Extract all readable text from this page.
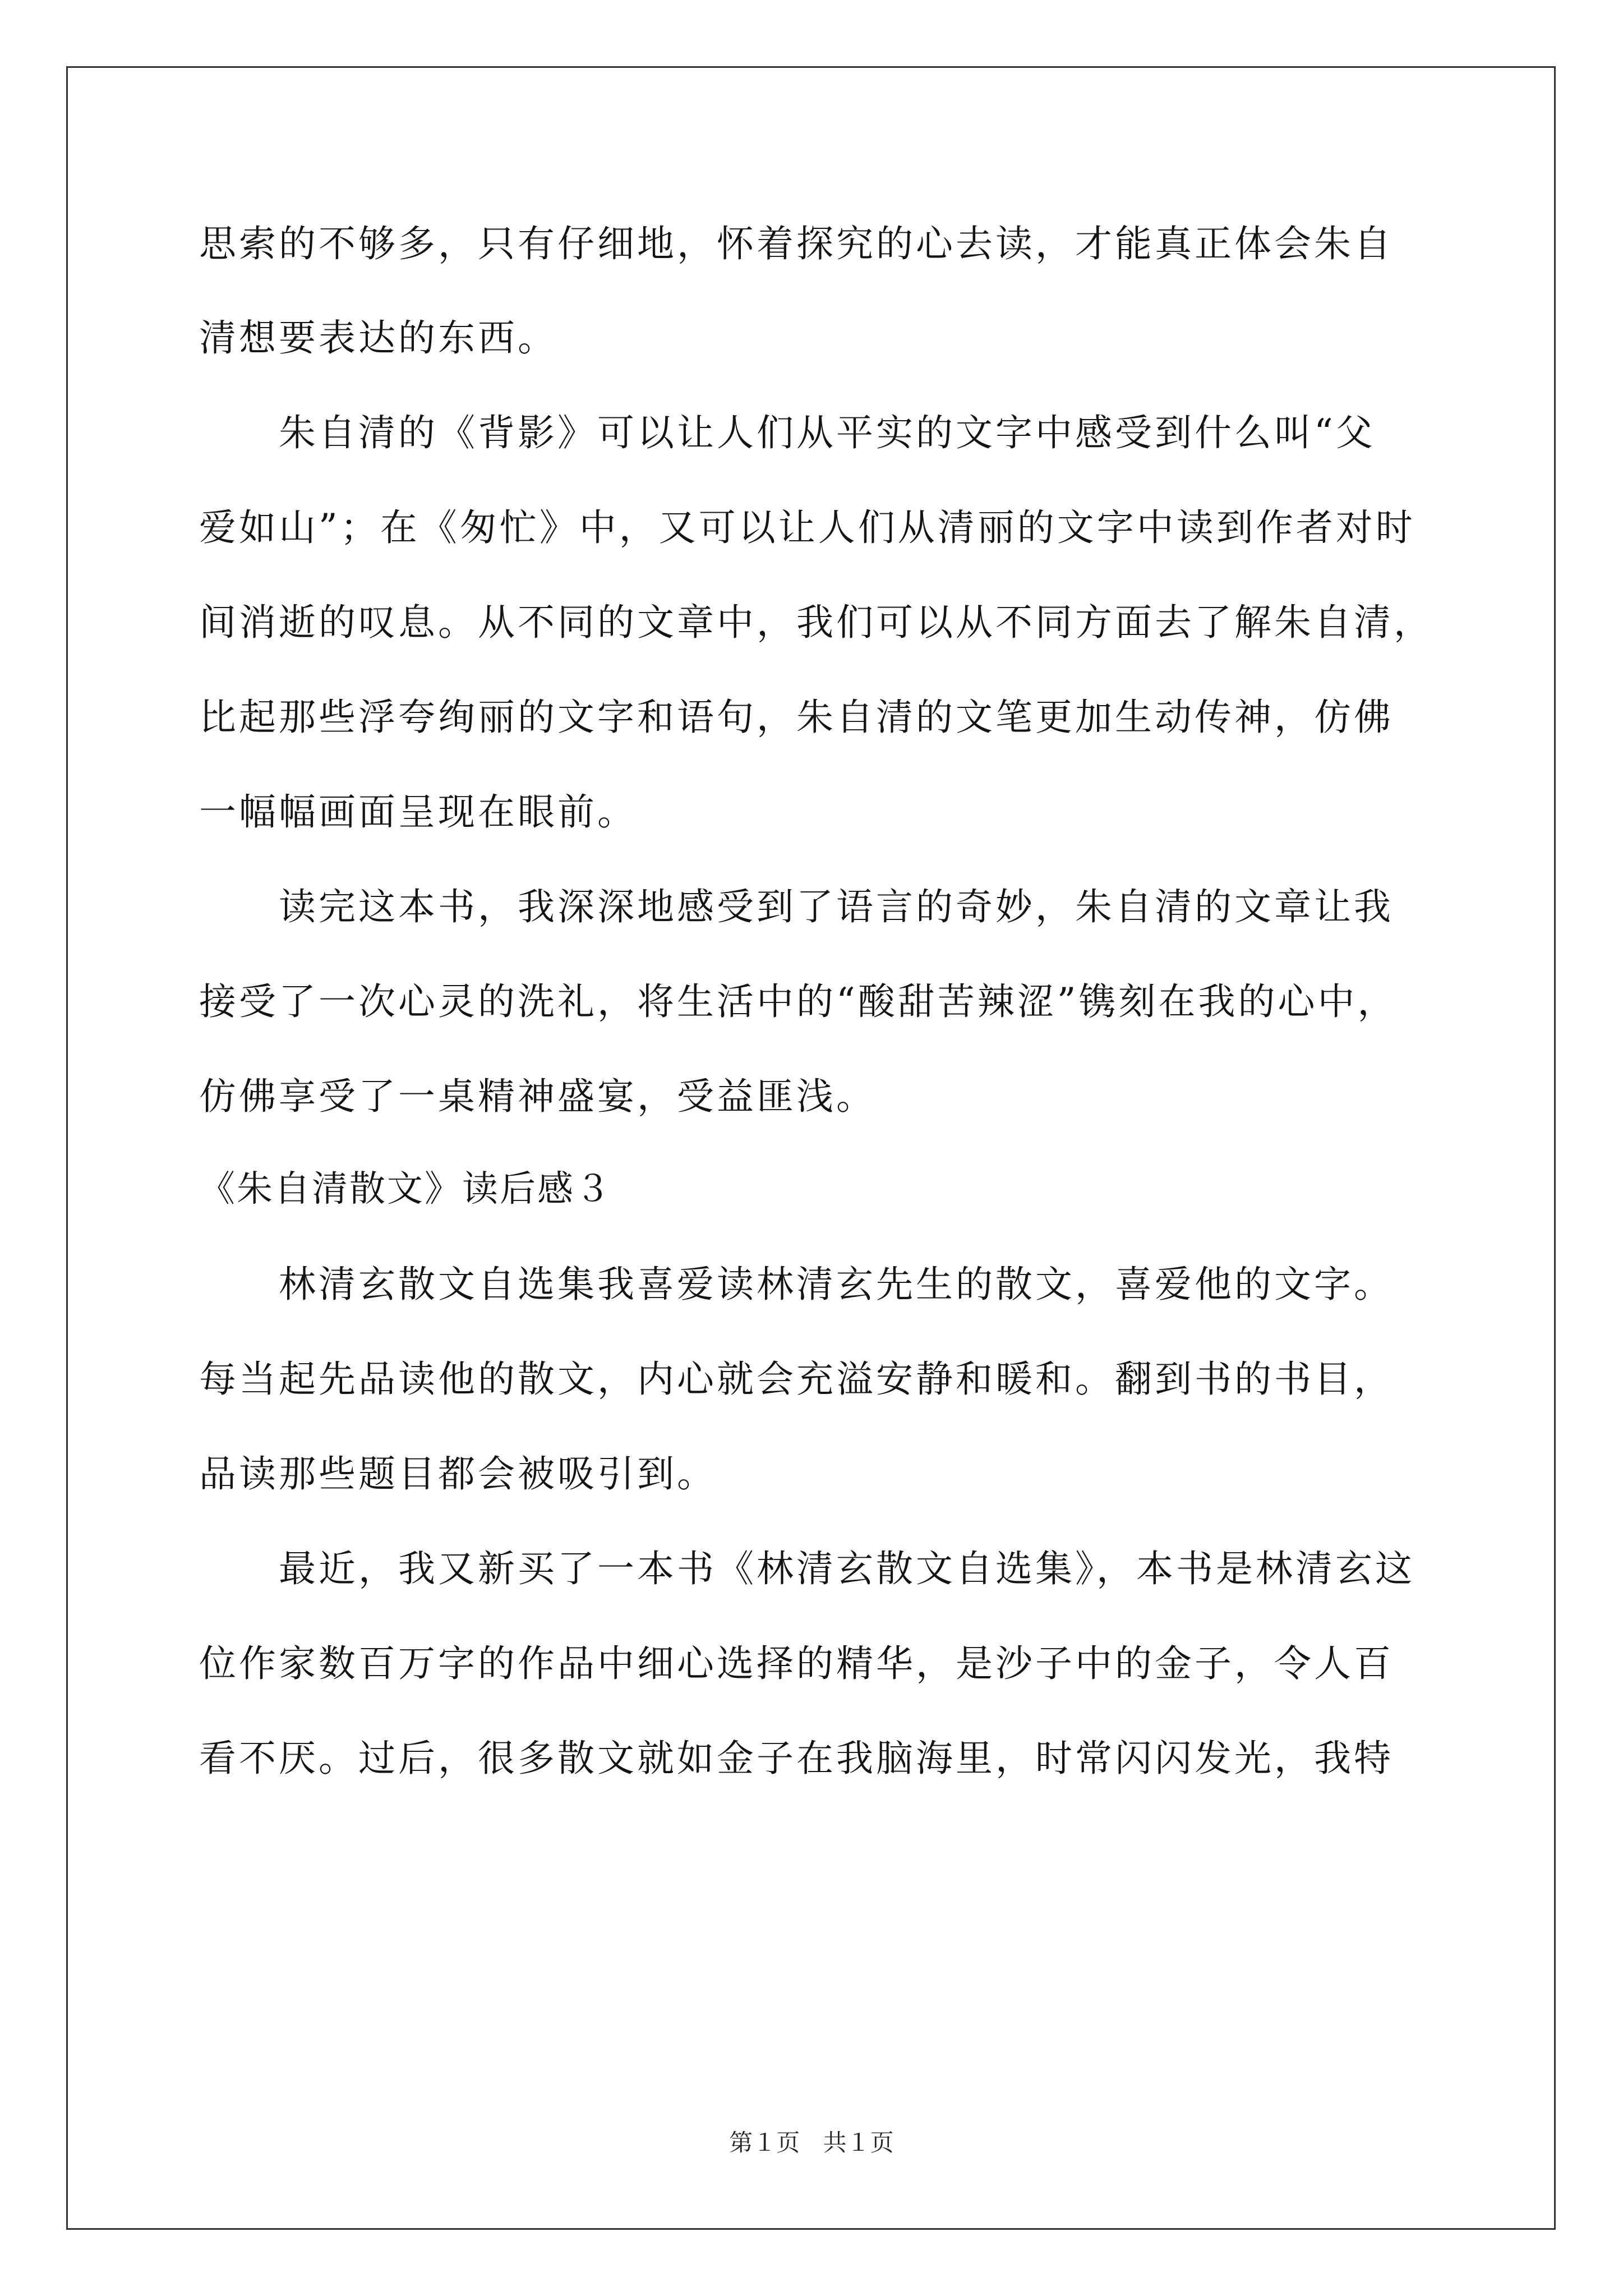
思索的不够多，只有仔细地，怀着探究的心去读，才能真正体会朱自
清想要表达的东西。
朱自清的《背影》可以让人们从平实的文字中感受到什么叫“父
爱如山”；在《匆忙》中，又可以让人们从清丽的文字中读到作者对时
间消逝的叹息。从不同的文章中，我们可以从不同方面去了解朱自清，
比起那些浮夸绚丽的文字和语句，朱自清的文笔更加生动传神，仿佛
一幅幅画面呈现在眼前。
读完这本书，我深深地感受到了语言的奇妙，朱自清的文章让我
接受了一次心灵的洗礼，将生活中的“酸甜苦辣涩”镌刻在我的心中，
仿佛享受了一桌精神盛宴，受益匪浅。
《朱自清散文》读后感３
林清玄散文自选集我喜爱读林清玄先生的散文，喜爱他的文字。
每当起先品读他的散文，内心就会充溢安静和暖和。翻到书的书目，
品读那些题目都会被吸引到。
最近，我又新买了一本书《林清玄散文自选集》，本书是林清玄这
位作家数百万字的作品中细心选择的精华，是沙子中的金子，令人百
看不厌。过后，很多散文就如金子在我脑海里，时常闪闪发光，我特
第１页 共１页
